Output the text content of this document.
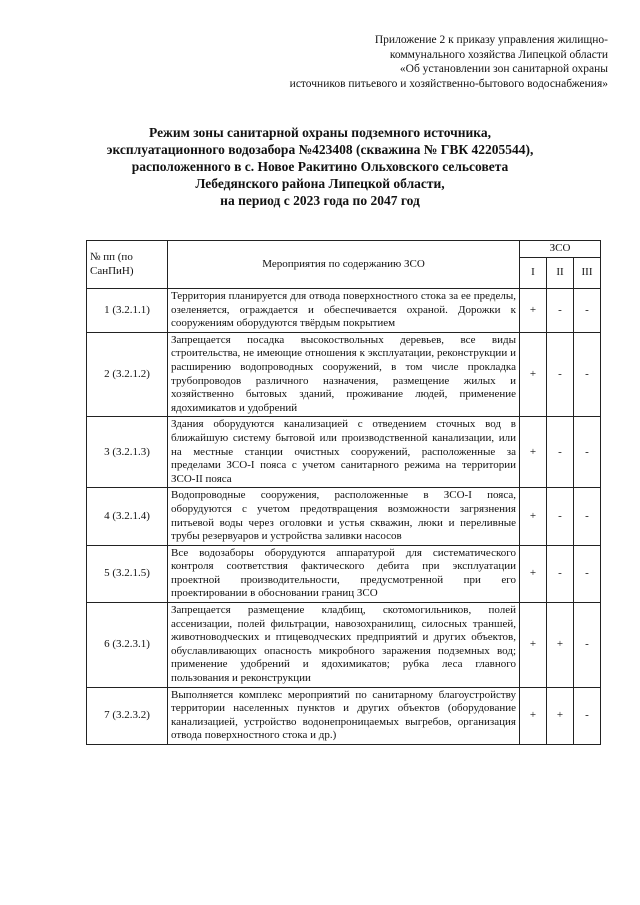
Приложение 2 к приказу управления жилищно-
коммунального хозяйства Липецкой области
«Об установлении зон санитарной охраны
источников питьевого и хозяйственно-бытового водоснабжения»
Режим зоны санитарной охраны подземного источника,
эксплуатационного водозабора №423408 (скважина № ГВК 42205544),
расположенного в с. Новое Ракитино Ольховского сельсовета
Лебедянского района Липецкой области,
на период с 2023 года по 2047 год
№ пп (по СанПиН)	Мероприятия по содержанию ЗСО	ЗСО		
		I	II	III
1 (3.2.1.1)	Территория планируется для отвода поверхностного стока за ее пределы, озеленяется, ограждается и обеспечивается охраной. Дорожки к сооружениям оборудуются твёрдым покрытием	+	-	-
2 (3.2.1.2)	Запрещается посадка высокоствольных деревьев, все виды строительства, не имеющие отношения к эксплуатации, реконструкции и расширению водопроводных сооружений, в том числе прокладка трубопроводов различного назначения, размещение жилых и хозяйственно бытовых зданий, проживание людей, применение ядохимикатов и удобрений	+	-	-
3 (3.2.1.3)	Здания оборудуются канализацией с отведением сточных вод в ближайшую систему бытовой или производственной канализации, или на местные станции очистных сооружений, расположенные за пределами ЗСО-I пояса с учетом санитарного режима на территории ЗСО-II пояса	+	-	-
4 (3.2.1.4)	Водопроводные сооружения, расположенные в ЗСО-I пояса, оборудуются с учетом предотвращения возможности загрязнения питьевой воды через оголовки и устья скважин, люки и переливные трубы резервуаров и устройства заливки насосов	+	-	-
5 (3.2.1.5)	Все водозаборы оборудуются аппаратурой для систематического контроля соответствия фактического дебита при эксплуатации проектной производительности, предусмотренной при его проектировании в обосновании границ ЗСО	+	-	-
6 (3.2.3.1)	Запрещается размещение кладбищ, скотомогильников, полей ассенизации, полей фильтрации, навозохранилищ, силосных траншей, животноводческих и птицеводческих предприятий и других объектов, обуславливающих опасность микробного заражения подземных вод; применение удобрений и ядохимикатов; рубка леса главного пользования и реконструкции	+	+	-
7 (3.2.3.2)	Выполняется комплекс мероприятий по санитарному благоустройству территории населенных пунктов и других объектов (оборудование канализацией, устройство водонепроницаемых выгребов, организация отвода поверхностного стока и др.)	+	+	-
